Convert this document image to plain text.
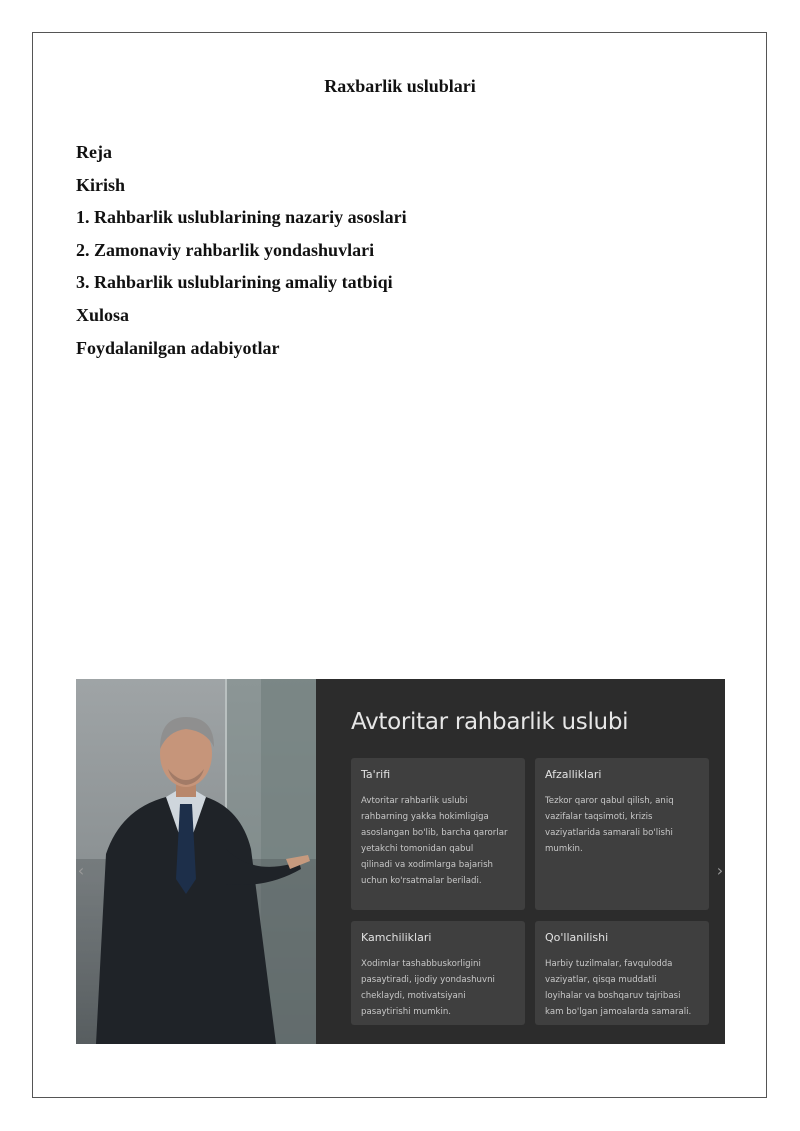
Raxbarlik uslublari
Reja
Kirish
1. Rahbarlik uslublarining nazariy asoslari
2. Zamonaviy rahbarlik yondashuvlari
3. Rahbarlik uslublarining amaliy tatbiqi
Xulosa
Foydalanilgan adabiyotlar
‹	›
Avtoritar rahbarlik uslubi
Ta'rifi
Avtoritar rahbarlik uslubi
rahbarning yakka hokimligiga
asoslangan bo'lib, barcha qarorlar
yetakchi tomonidan qabul
qilinadi va xodimlarga bajarish
uchun ko'rsatmalar beriladi.
Afzalliklari
Tezkor qaror qabul qilish, aniq
vazifalar taqsimoti, krizis
vaziyatlarida samarali bo'lishi
mumkin.
Kamchiliklari
Xodimlar tashabbuskorligini
pasaytiradi, ijodiy yondashuvni
cheklaydi, motivatsiyani
pasaytirishi mumkin.
Qo'llanilishi
Harbiy tuzilmalar, favqulodda
vaziyatlar, qisqa muddatli
loyihalar va boshqaruv tajribasi
kam bo'lgan jamoalarda samarali.
